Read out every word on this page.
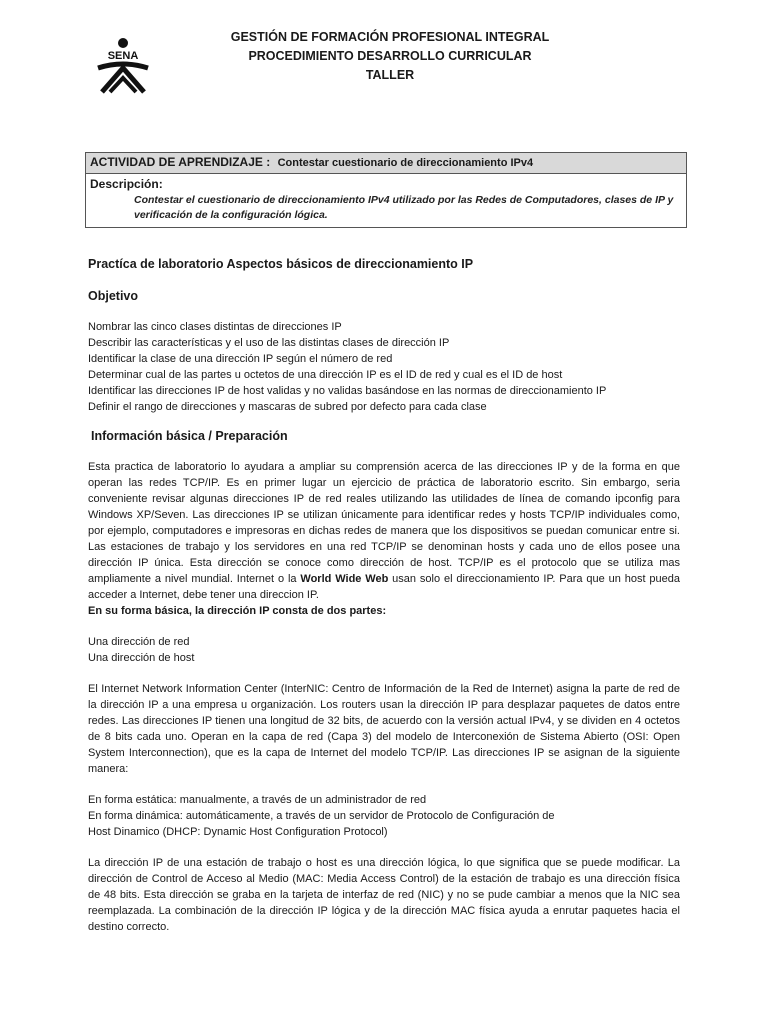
SENA
GESTIÓN DE FORMACIÓN PROFESIONAL INTEGRAL
PROCEDIMIENTO DESARROLLO CURRICULAR
TALLER
ACTIVIDAD DE APRENDIZAJE : Contestar cuestionario de direccionamiento IPv4
Descripción:
Contestar el cuestionario de direccionamiento IPv4 utilizado por las Redes de Computadores, clases de IP y verificación de la configuración lógica.
Practíca de laboratorio Aspectos básicos de direccionamiento IP
Objetivo
Nombrar las cinco clases distintas de direcciones IP
Describir las características y el uso de las distintas clases de dirección IP
Identificar la clase de una dirección IP según el número de red
Determinar cual de las partes u octetos de una dirección IP es el ID de red y cual es el ID de host
Identificar las direcciones IP de host validas y no validas basándose en las normas de direccionamiento IP
Definir el rango de direcciones y mascaras de subred por defecto para cada clase
Información básica / Preparación

Esta practica de laboratorio lo ayudara a ampliar su comprensión acerca de las direcciones IP y de la forma en que operan las redes TCP/IP. Es en primer lugar un ejercicio de práctica de laboratorio escrito. Sin embargo, seria conveniente revisar algunas direcciones IP de red reales utilizando las utilidades de línea de comando ipconfig para Windows XP/Seven. Las direcciones IP se utilizan únicamente para identificar redes y hosts TCP/IP individuales como, por ejemplo, computadores e impresoras en dichas redes de manera que los dispositivos se puedan comunicar entre si. Las estaciones de trabajo y los servidores en una red TCP/IP se denominan hosts y cada uno de ellos posee una dirección IP única. Esta dirección se conoce como dirección de host. TCP/IP es el protocolo que se utiliza mas ampliamente a nivel mundial. Internet o la World Wide Web usan solo el direccionamiento IP. Para que un host pueda acceder a Internet, debe tener una direccion IP.

En su forma básica, la dirección IP consta de dos partes:
Una dirección de red
Una dirección de host

El Internet Network Information Center (InterNIC: Centro de Información de la Red de Internet) asigna la parte de red de la dirección IP a una empresa u organización. Los routers usan la dirección IP para desplazar paquetes de datos entre redes. Las direcciones IP tienen una longitud de 32 bits, de acuerdo con la versión actual IPv4, y se dividen en 4 octetos de 8 bits cada uno. Operan en la capa de red (Capa 3) del modelo de Interconexión de Sistema Abierto (OSI: Open System Interconnection), que es la capa de Internet del modelo TCP/IP. Las direcciones IP se asignan de la siguiente manera:

En forma estática: manualmente, a través de un administrador de red
En forma dinámica: automáticamente, a través de un servidor de Protocolo de Configuración de
Host Dinamico (DHCP: Dynamic Host Configuration Protocol)

La dirección IP de una estación de trabajo o host es una dirección lógica, lo que significa que se puede modificar. La dirección de Control de Acceso al Medio (MAC: Media Access Control) de la estación de trabajo es una dirección física de 48 bits. Esta dirección se graba en la tarjeta de interfaz de red (NIC) y no se pude cambiar a menos que la NIC sea reemplazada. La combinación de la dirección IP lógica y de la dirección MAC física ayuda a enrutar paquetes hacia el destino correcto.
